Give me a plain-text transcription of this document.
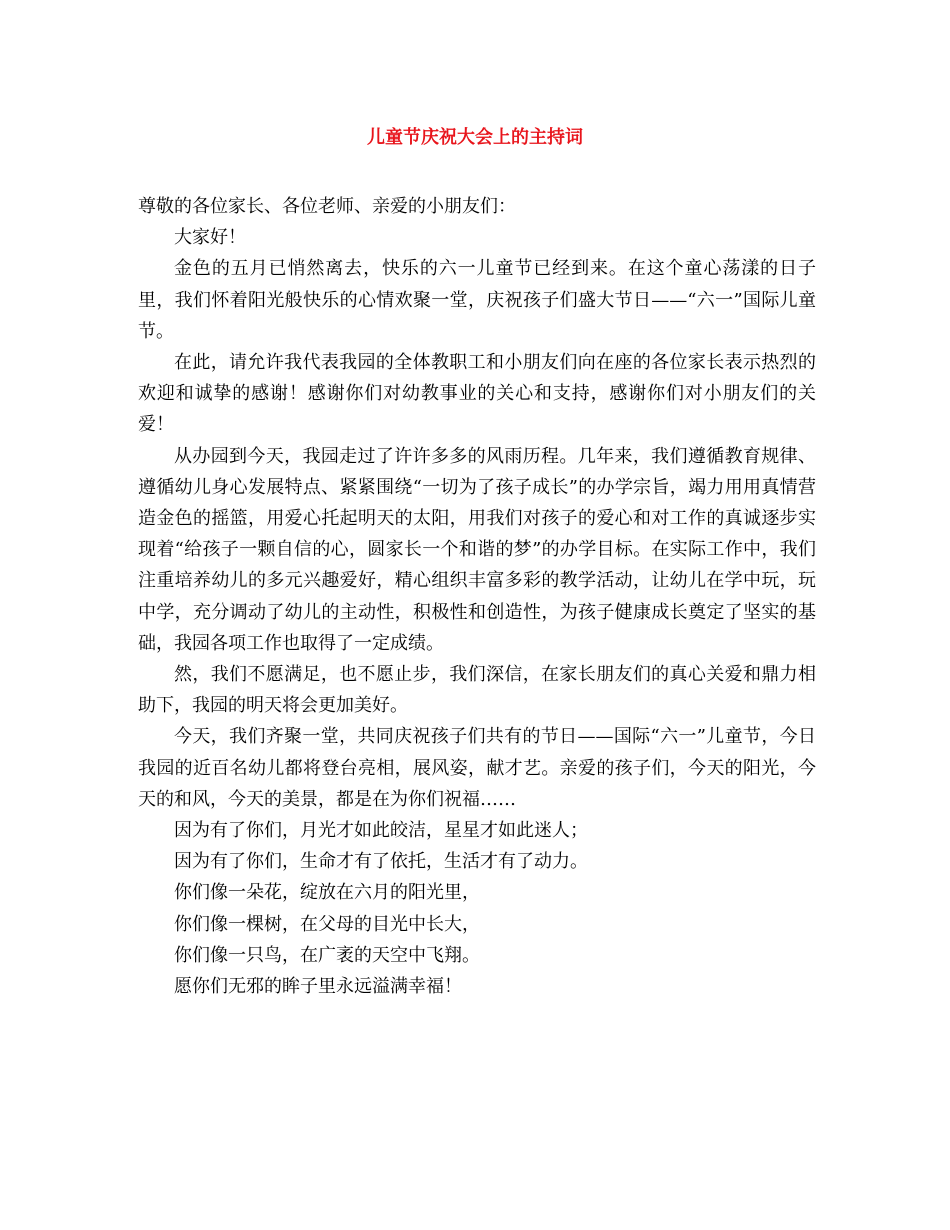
儿童节庆祝大会上的主持词

尊敬的各位家长、各位老师、亲爱的小朋友们：

大家好！

金色的五月已悄然离去，快乐的六一儿童节已经到来。在这个童心荡漾的日子里，我们怀着阳光般快乐的心情欢聚一堂，庆祝孩子们盛大节日——“六一”国际儿童节。

在此，请允许我代表我园的全体教职工和小朋友们向在座的各位家长表示热烈的欢迎和诚挚的感谢！感谢你们对幼教事业的关心和支持，感谢你们对小朋友们的关爱！

从办园到今天，我园走过了许许多多的风雨历程。几年来，我们遵循教育规律、遵循幼儿身心发展特点、紧紧围绕“一切为了孩子成长”的办学宗旨，竭力用用真情营造金色的摇篮，用爱心托起明天的太阳，用我们对孩子的爱心和对工作的真诚逐步实现着“给孩子一颗自信的心，圆家长一个和谐的梦”的办学目标。在实际工作中，我们注重培养幼儿的多元兴趣爱好，精心组织丰富多彩的教学活动，让幼儿在学中玩，玩中学，充分调动了幼儿的主动性，积极性和创造性，为孩子健康成长奠定了坚实的基础，我园各项工作也取得了一定成绩。

然，我们不愿满足，也不愿止步，我们深信，在家长朋友们的真心关爱和鼎力相助下，我园的明天将会更加美好。

今天，我们齐聚一堂，共同庆祝孩子们共有的节日——国际“六一”儿童节，今日我园的近百名幼儿都将登台亮相，展风姿，献才艺。亲爱的孩子们，今天的阳光，今天的和风，今天的美景，都是在为你们祝福……

因为有了你们，月光才如此皎洁，星星才如此迷人；

因为有了你们，生命才有了依托，生活才有了动力。

你们像一朵花，绽放在六月的阳光里，

你们像一棵树，在父母的目光中长大，

你们像一只鸟，在广袤的天空中飞翔。

愿你们无邪的眸子里永远溢满幸福！
